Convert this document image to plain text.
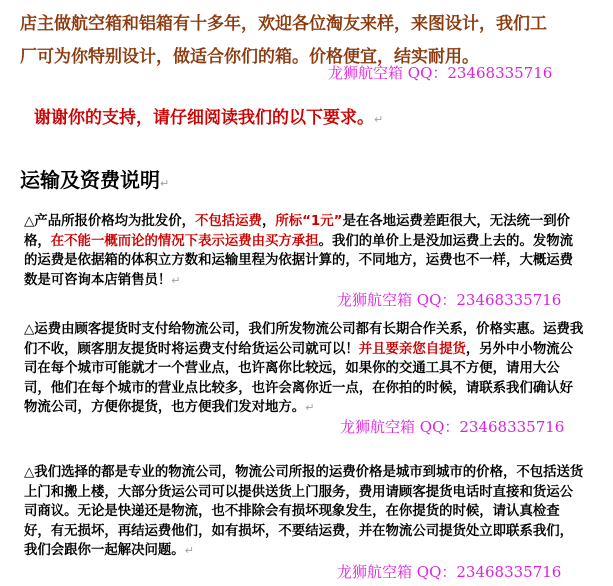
店主做航空箱和铝箱有十多年，欢迎各位淘友来样，来图设计，我们工
厂可为你特别设计，做适合你们的箱。价格便宜，结实耐用。
谢谢你的支持，请仔细阅读我们的以下要求。↵
运输及资费说明↵
△产品所报价格均为批发价，不包括运费，所标“1元”是在各地运费差距很大，无法统一到价格，在不能一概而论的情况下表示运费由买方承担。我们的单价上是没加运费上去的。发物流的运费是依据箱的体积立方数和运输里程为依据计算的，不同地方，运费也不一样，大概运费数是可咨询本店销售员！↵
△运费由顾客提货时支付给物流公司，我们所发物流公司都有长期合作关系，价格实惠。运费我们不收，顾客朋友提货时将运费支付给货运公司就可以！并且要亲您自提货，另外中小物流公司在每个城市可能就才一个营业点，也许离你比较远，如果你的交通工具不方便，请用大公司，他们在每个城市的营业点比较多，也许会离你近一点，在你拍的时候，请联系我们确认好物流公司，方便你提货，也方便我们发对地方。↵
△我们选择的都是专业的物流公司，物流公司所报的运费价格是城市到城市的价格，不包括送货上门和搬上楼，大部分货运公司可以提供送货上门服务，费用请顾客提货电话时直接和货运公司商议。无论是快递还是物流，也不排除会有损坏现象发生，在你提货的时候，请认真检查好，有无损坏，再结运费他们，如有损坏，不要结运费，并在物流公司提货处立即联系我们，我们会跟你一起解决问题。↵
龙狮航空箱 QQ：23468335716
龙狮航空箱 QQ：23468335716
龙狮航空箱 QQ：23468335716
龙狮航空箱 QQ：23468335716
